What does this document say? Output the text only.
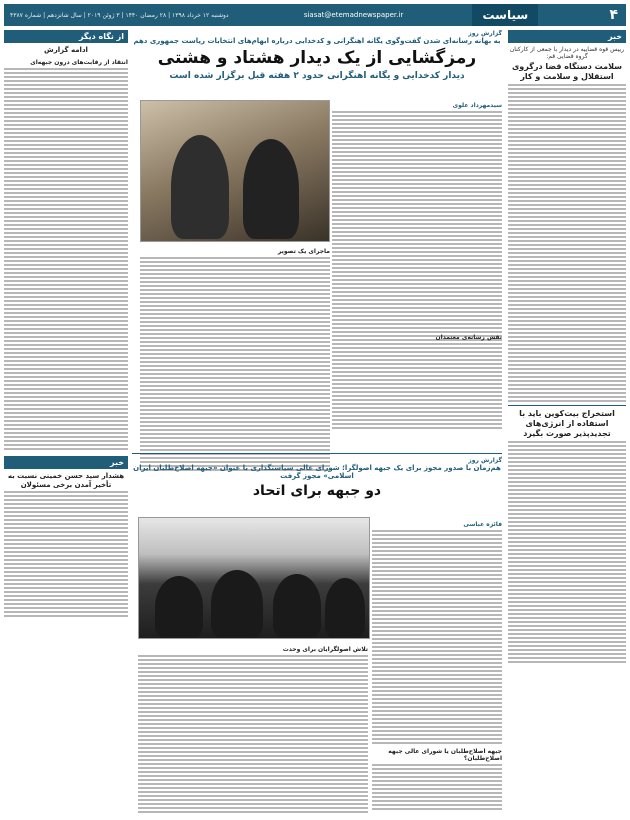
۴
سیاست
siasat@etemadnewspaper.ir
دوشنبه ۱۲ خرداد ۱۳۹۸ | ۲۸ رمضان ۱۴۴۰ | ۳ ژوئن ۲۰۱۹ | سال شانزدهم | شماره ۴۳۸۷
خبر
رییس قوه قضاییه در دیدار با جمعی از کارکنان گروه قضایی قم:
سلامت دستگاه قضا درگروی استقلال و سلامت و کار
استخراج بیت‌کوین باید با استفاده از انرژی‌های تجدیدپذیر صورت بگیرد
گزارش روز
به بهانه رسانه‌ای شدن گفت‌وگوی یگانه اهنگرانی و کدخدایی درباره ابهام‌های انتخابات ریاست جمهوری دهم
رمزگشایی از یک دیدار هشتاد و هشتی
دیدار کدخدایی و یگانه اهنگرانی حدود ۲ هفته قبل برگزار شده است
سیدمهرداد علوی
ماجرای یک تصویر
نقش رسانه‌ی معتمدان
گزارش روز
هم‌زمان با صدور مجوز برای یک جبهه اصولگرا؛ شورای عالی سیاستگذاری با عنوان «جبهه اصلاح‌طلبان ایران اسلامی» مجوز گرفت
دو جبهه برای اتحاد
فائزه عباسی
جبهه اصلاح‌طلبان یا شورای عالی جبهه اصلاح‌طلبان؟
تلاش اصولگرایان برای وحدت
از نگاه دیگر
ادامه گزارش
انتقاد از رقابت‌های درون جبهه‌ای
خبر
هشدار سید حسن خمینی نسبت به تأخیر آمدن برخی مسئولان
